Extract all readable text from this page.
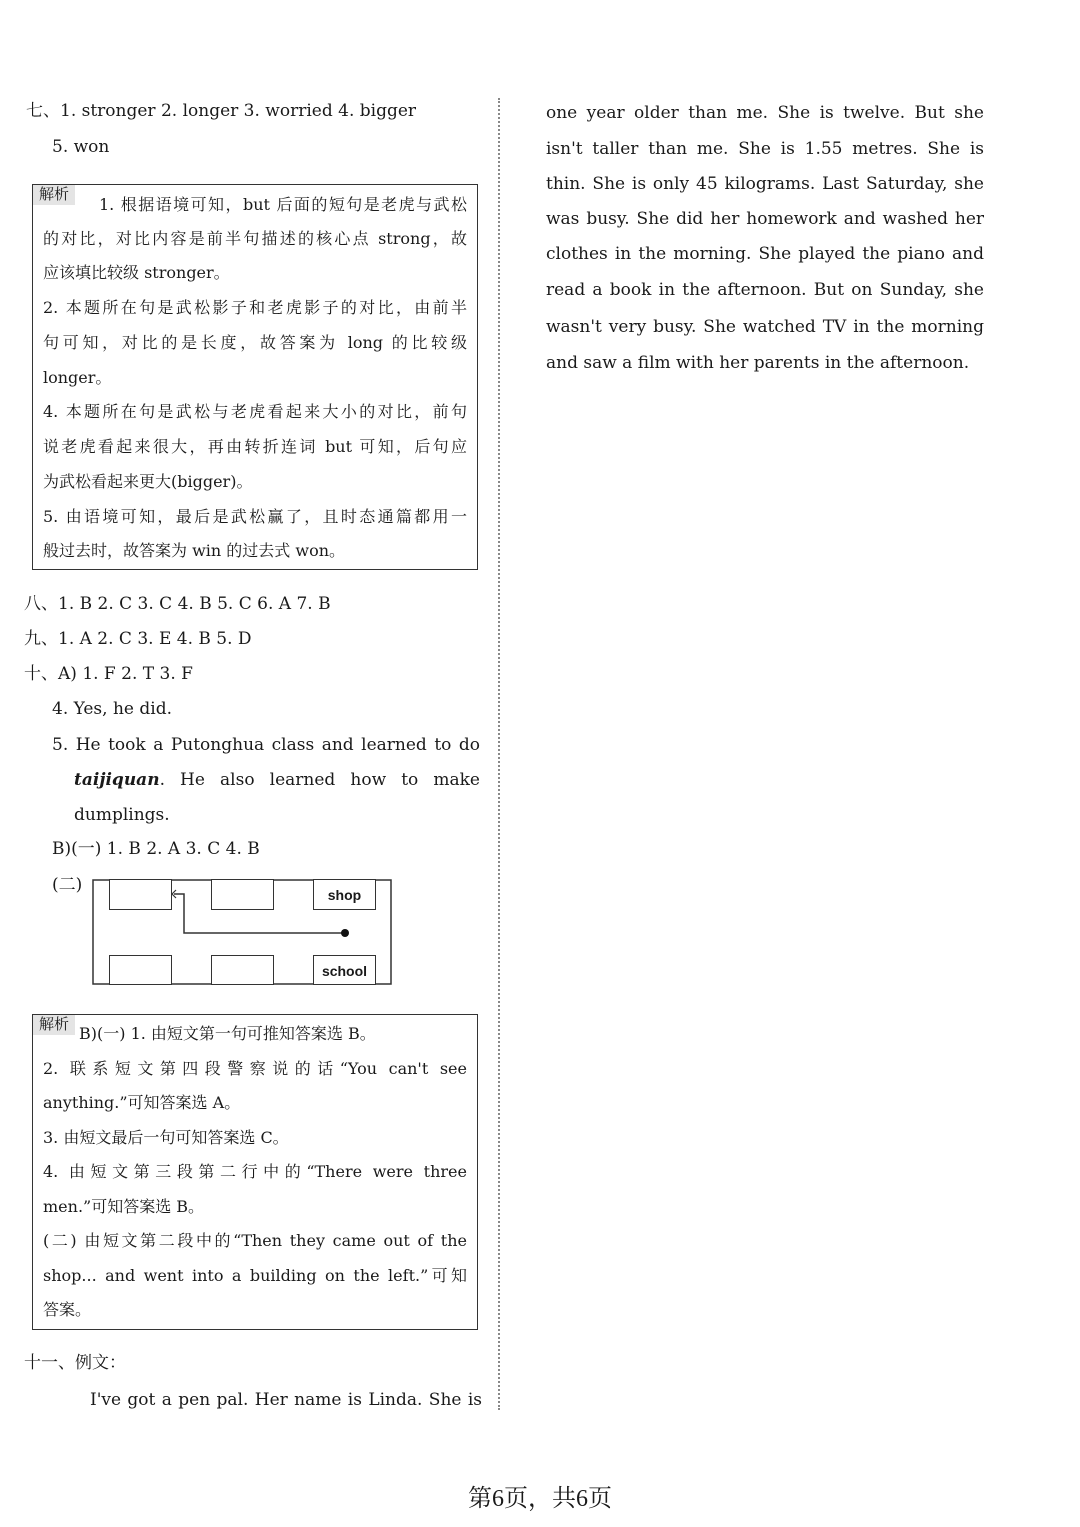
七、1. stronger 2. longer 3. worried 4. bigger
5. won
解析
1. 根据语境可知，but 后面的短句是老虎与武松
的对比，对比内容是前半句描述的核心点 strong，故
应该填比较级 stronger。
2. 本题所在句是武松影子和老虎影子的对比，由前半
句可知，对比的是长度，故答案为 long 的比较级
longer。
4. 本题所在句是武松与老虎看起来大小的对比，前句
说老虎看起来很大，再由转折连词 but 可知，后句应
为武松看起来更大(bigger)。
5. 由语境可知，最后是武松赢了，且时态通篇都用一
般过去时，故答案为 win 的过去式 won。
八、1. B 2. C 3. C 4. B 5. C 6. A 7. B
九、1. A 2. C 3. E 4. B 5. D
十、A) 1. F 2. T 3. F
4. Yes, he did.
5. He took a Putonghua class and learned to do
taijiquan . He also learned how to make
dumplings.
B)(一) 1. B 2. A 3. C 4. B
(二)	shop
school
解析 B)(一) 1. 由短文第一句可推知答案选 B。
2. 联系短文第四段警察说的话“You can't see
anything.”可知答案选 A。
3. 由短文最后一句可知答案选 C。
4. 由短文第三段第二行中的“There were three
men.”可知答案选 B。
(二) 由短文第二段中的“Then they came out of the
shop... and went into a building on the left.”可知
答案。
十一、例文：
I've got a pen pal. Her name is Linda. She is
one year older than me. She is twelve. But she
isn't taller than me. She is 1.55 metres. She is
thin. She is only 45 kilograms. Last Saturday, she
was busy. She did her homework and washed her
clothes in the morning. She played the piano and
read a book in the afternoon. But on Sunday, she
wasn't very busy. She watched TV in the morning
and saw a film with her parents in the afternoon.
第6页，共6页
